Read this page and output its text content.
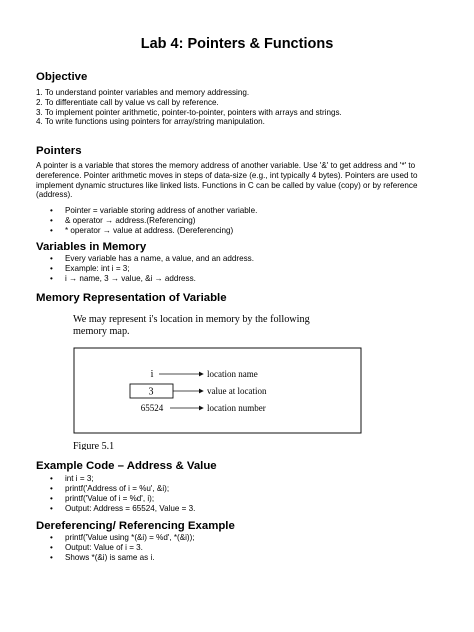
Lab 4: Pointers & Functions
Objective
1. To understand pointer variables and memory addressing.
2. To differentiate call by value vs call by reference.
3. To implement pointer arithmetic, pointer-to-pointer, pointers with arrays and strings.
4. To write functions using pointers for array/string manipulation.
Pointers
A pointer is a variable that stores the memory address of another variable. Use '&' to get address and '*' to
dereference. Pointer arithmetic moves in steps of data-size (e.g., int typically 4 bytes). Pointers are used to
implement dynamic structures like linked lists. Functions in C can be called by value (copy) or by reference
(address).
• Pointer = variable storing address of another variable.
• & operator → address.(Referencing)
• * operator → value at address. (Dereferencing)
Variables in Memory
• Every variable has a name, a value, and an address.
• Example: int i = 3;
• i → name, 3 → value, &i → address.
Memory Representation of Variable
We may represent i's location in memory by the following
memory map.
i	location name
3	value at location
65524	location number
Figure 5.1
Example Code – Address & Value
• int i = 3;
• printf('Address of i = %u', &i);
• printf('Value of i = %d', i);
• Output: Address = 65524, Value = 3.
Dereferencing/ Referencing Example
• printf('Value using *(&i) = %d', *(&i));
• Output: Value of i = 3.
• Shows *(&i) is same as i.
